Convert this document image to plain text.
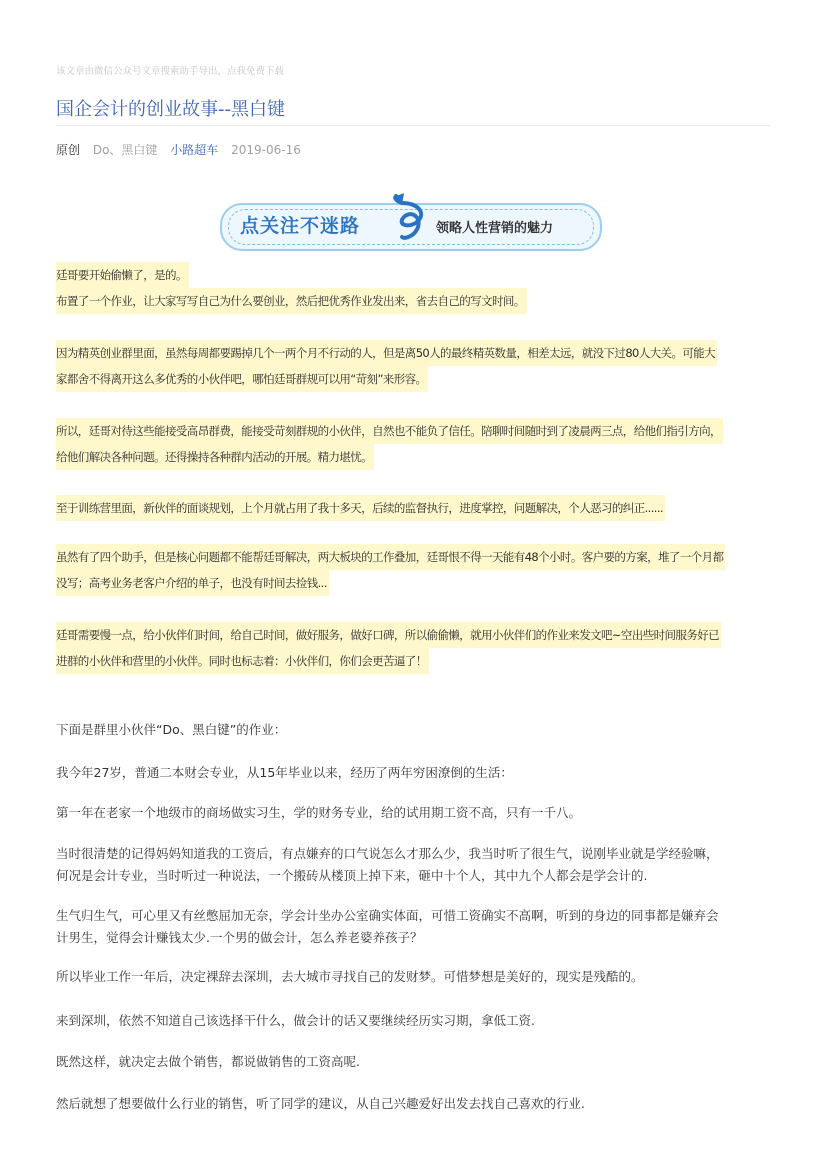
该文章由微信公众号文章搜索助手导出，点我免费下载
国企会计的创业故事--黑白键
原创 Do、黑白键 小路超车 2019-06-16
点关注不迷路	领略人性营销的魅力
廷哥要开始偷懒了，是的。
布置了一个作业，让大家写写自己为什么要创业，然后把优秀作业发出来，省去自己的写文时间。
因为精英创业群里面，虽然每周都要踢掉几个一两个月不行动的人，但是离50人的最终精英数量，相差太远，就没下过80人大关。可能大
家都舍不得离开这么多优秀的小伙伴吧，哪怕廷哥群规可以用“苛刻”来形容。
所以，廷哥对待这些能接受高昂群费，能接受苛刻群规的小伙伴，自然也不能负了信任。陪聊时间随时到了凌晨两三点，给他们指引方向，
给他们解决各种问题。还得操持各种群内活动的开展。精力堪忧。
至于训练营里面，新伙伴的面谈规划，上个月就占用了我十多天，后续的监督执行，进度掌控，问题解决，个人恶习的纠正......
虽然有了四个助手，但是核心问题都不能帮廷哥解决，两大板块的工作叠加，廷哥恨不得一天能有48个小时。客户要的方案，堆了一个月都
没写；高考业务老客户介绍的单子，也没有时间去捡钱...
廷哥需要慢一点，给小伙伴们时间，给自己时间，做好服务，做好口碑，所以偷偷懒，就用小伙伴们的作业来发文吧~空出些时间服务好已
进群的小伙伴和营里的小伙伴。同时也标志着：小伙伴们，你们会更苦逼了！

下面是群里小伙伴“Do、黑白键”的作业：

我今年27岁，普通二本财会专业，从15年毕业以来，经历了两年穷困潦倒的生活：

第一年在老家一个地级市的商场做实习生，学的财务专业，给的试用期工资不高，只有一千八。

当时很清楚的记得妈妈知道我的工资后，有点嫌弃的口气说怎么才那么少，我当时听了很生气，说刚毕业就是学经验嘛，
何况是会计专业，当时听过一种说法，一个搬砖从楼顶上掉下来，砸中十个人，其中九个人都会是学会计的.

生气归生气，可心里又有丝憋屈加无奈，学会计坐办公室确实体面，可惜工资确实不高啊，听到的身边的同事都是嫌弃会
计男生，觉得会计赚钱太少.一个男的做会计，怎么养老婆养孩子？

所以毕业工作一年后，决定裸辞去深圳，去大城市寻找自己的发财梦。可惜梦想是美好的，现实是残酷的。

来到深圳，依然不知道自己该选择干什么，做会计的话又要继续经历实习期，拿低工资.

既然这样，就决定去做个销售，都说做销售的工资高呢.

然后就想了想要做什么行业的销售，听了同学的建议，从自己兴趣爱好出发去找自己喜欢的行业.
